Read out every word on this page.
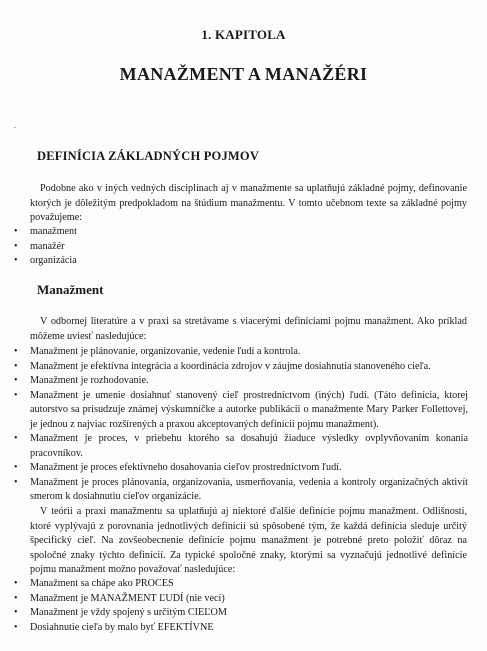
1. KAPITOLA
MANAŽMENT A MANAŽÉRI
DEFINÍCIA ZÁKLADNÝCH POJMOV

Podobne ako v iných vedných disciplínach aj v manažmente sa uplatňujú základné pojmy, definovanie ktorých je dôležitým predpokladom na štúdium manažmentu. V tomto učebnom texte sa základné pojmy považujeme:

• manažment
• manažér
• organizácia
Manažment

V odbornej literatúre a v praxi sa stretávame s viacerými definíciami pojmu manažment. Ako príklad môžeme uviesť nasledujúce:

• Manažment je plánovanie, organizovanie, vedenie ľudí a kontrola.
• Manažment je efektívna integrácia a koordinácia zdrojov v záujme dosiahnutia stanoveného cieľa.
• Manažment je rozhodovanie.
• Manažment je umenie dosiahnuť stanovený cieľ prostredníctvom (iných) ľudí. (Táto definícia, ktorej autorstvo sa prisudzuje známej výskumníčke a autorke publikácií o manažmente Mary Parker Follettovej, je jednou z najviac rozšírených a praxou akceptovaných definícií pojmu manažment).
• Manažment je proces, v priebehu ktorého sa dosahujú žiaduce výsledky ovplyvňovaním konania pracovníkov.
• Manažment je proces efektívneho dosahovania cieľov prostredníctvom ľudí.
• Manažment je proces plánovania, organizovania, usmerňovania, vedenia a kontroly organizačných aktivít smerom k dosiahnutiu cieľov organizácie.

V teórii a praxi manažmentu sa uplatňujú aj niektoré ďalšie definície pojmu manažment. Odlišnosti, ktoré vyplývajú z porovnania jednotlivých definícií sú spôsobené tým, že každá definícia sleduje určitý špecifický cieľ. Na zovšeobecnenie definície pojmu manažment je potrebné preto položiť dôraz na spoločné znaky týchto definícií. Za typické spoločné znaky, ktorými sa vyznačujú jednotlivé definície pojmu manažment možno považovať nasledujúce:

• Manažment sa chápe ako PROCES
• Manažment je MANAŽMENT ĽUDÍ (nie vecí)
• Manažment je vždy spojený s určitým CIEĽOM
• Dosiahnutie cieľa by malo byť EFEKTÍVNE
